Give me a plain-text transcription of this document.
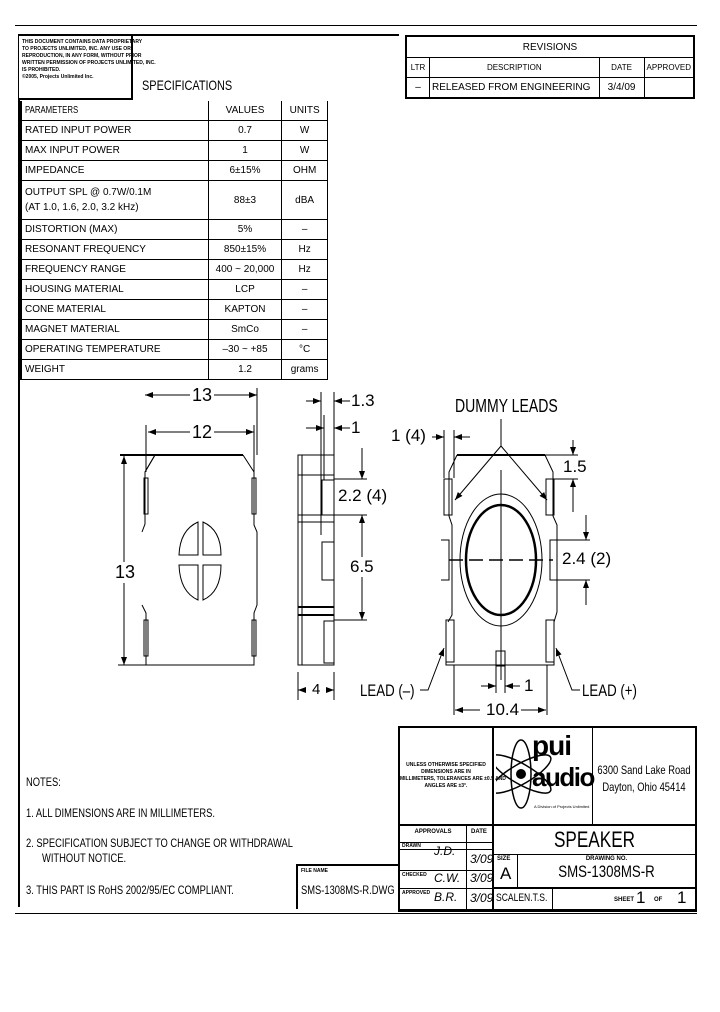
THIS DOCUMENT CONTAINS DATA PROPRIETARY
TO PROJECTS UNLIMITED, INC. ANY USE OR
REPRODUCTION, IN ANY FORM, WITHOUT PRIOR
WRITTEN PERMISSION OF PROJECTS UNLIMITED, INC.
IS PROHIBITED.
©2005, Projects Unlimited Inc.	SPECIFICATIONS
PARAMETERS	VALUES	UNITS
RATED INPUT POWER	0.7	W
MAX INPUT POWER	1	W
IMPEDANCE	6±15%	OHM

OUTPUT SPL @ 0.7W/0.1M
(AT 1.0, 1.6, 2.0, 3.2 kHz)	88±3	dBA
DISTORTION (MAX)	5%	–
RESONANT FREQUENCY	850±15%	Hz
FREQUENCY RANGE	400 ~ 20,000	Hz
HOUSING MATERIAL	LCP	–
CONE MATERIAL	KAPTON	–
MAGNET MATERIAL	SmCo	–
OPERATING TEMPERATURE	–30 ~ +85	°C
WEIGHT	1.2	grams
REVISIONS			
LTR	DESCRIPTION	DATE	APPROVED
–	RELEASED FROM ENGINEERING	3/4/09	
13
12
13
1.3
1
2.2 (4)
6.5
4
DUMMY LEADS
1 (4)
1.5
2.4 (2)
LEAD (–)	LEAD (+)
1
10.4
NOTES:
1. ALL DIMENSIONS ARE IN MILLIMETERS.
2. SPECIFICATION SUBJECT TO CHANGE OR WITHDRAWAL
WITHOUT NOTICE.
3. THIS PART IS RoHS 2002/95/EC COMPLIANT.
FILE NAME
SMS-1308MS-R.DWG
UNLESS OTHERWISE SPECIFIED
DIMENSIONS ARE IN
MILLIMETERS, TOLERANCES ARE ±0.5 AND
ANGLES ARE ±3°.
pui
audio
A Division of Projects Unlimited
6300 Sand Lake Road
Dayton, Ohio 45414
APPROVALS	DATE
DRAWN J.D.
3/09
CHECKED C.W. 3/09
APPROVED B.R. 3/09
SPEAKER
SIZE
A
DRAWING NO.
SMS-1308MS-R
SCALE N.T.S.	SHEET 1 OF 1
